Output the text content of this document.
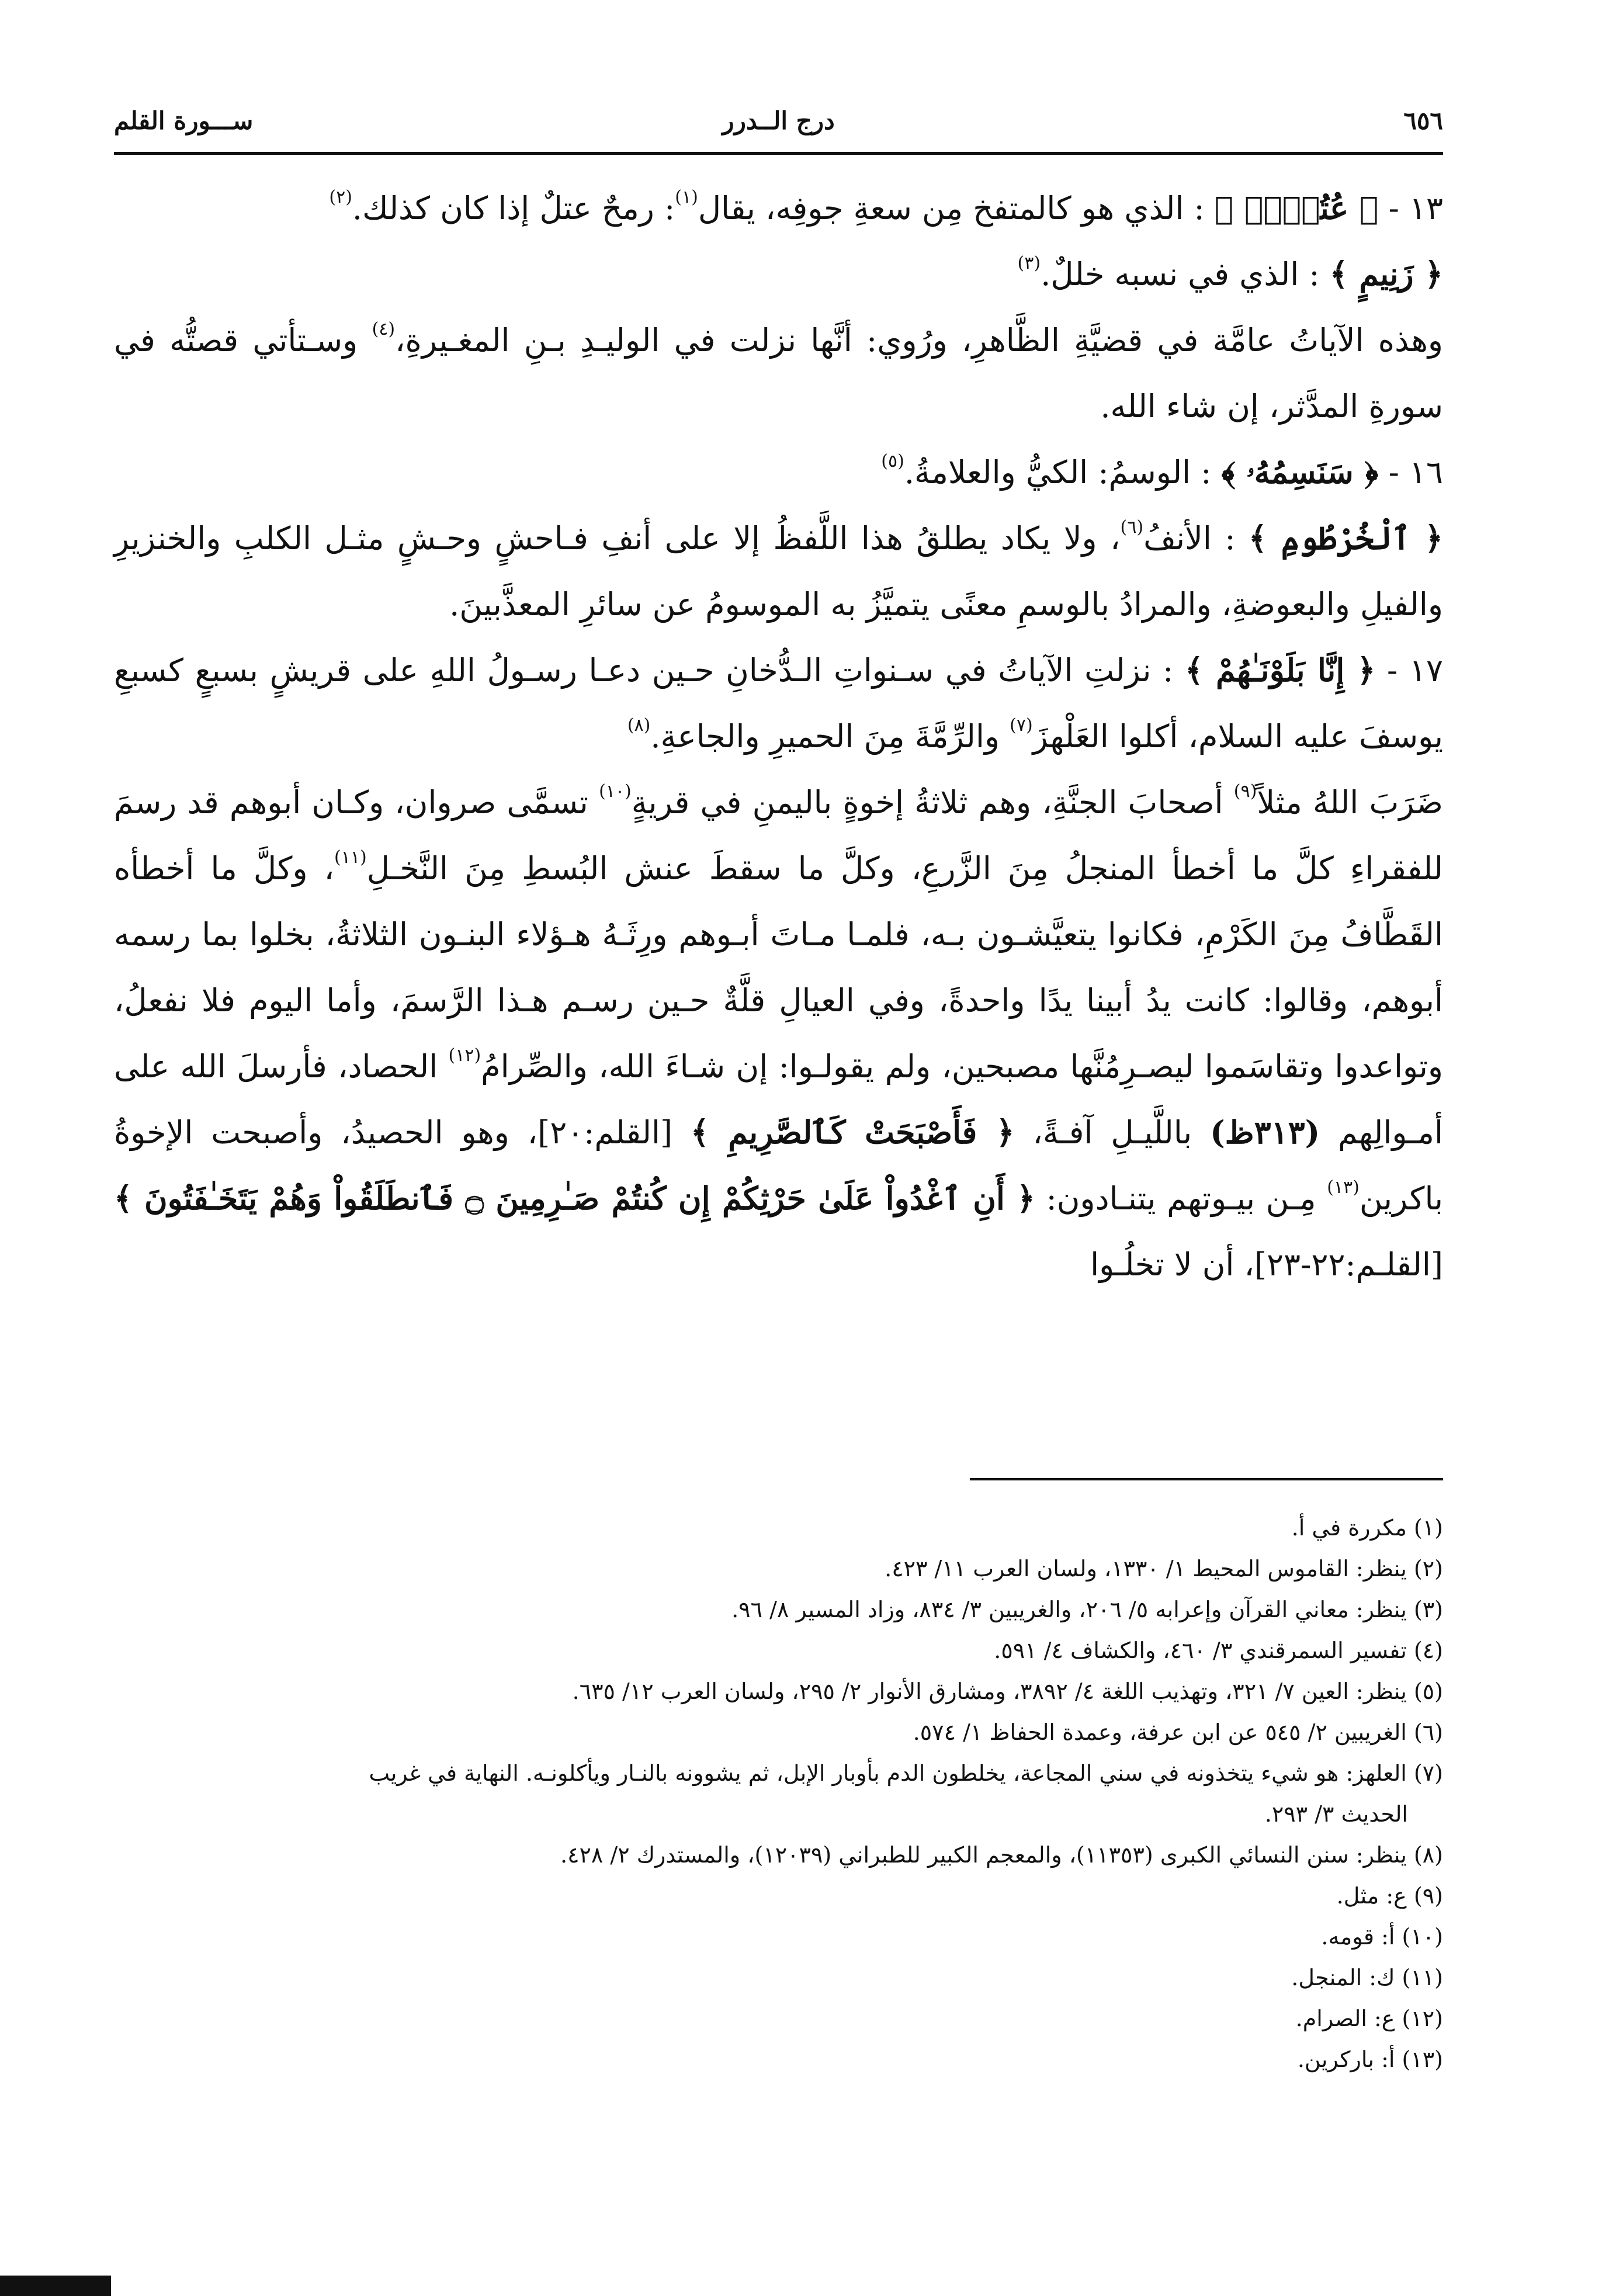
٦٥٦
درج الــدرر
ســـورة القلم

١٣ - ﴿ عُتُلِّۭ ﴾ : الذي هو كالمتفخ مِن سعةِ جوفِه، يقال$^{(١)}$: رمحٌ عتلٌ إذا كان كذلك.$^{(٢)}$

﴿ زَنِيمٍ ﴾ : الذي في نسبه خللٌ.$^{(٣)}$

وهذه الآياتُ عامَّة في قضيَّةِ الظَّاهرِ، ورُوي: أنَّها نزلت في الوليـدِ بـنِ المغـيرةِ،$^{(٤)}$ وسـتأتي قصتُّه في سورةِ المدَّثر، إن شاء الله.

١٦ - ﴿ سَنَسِمُهُۥ ﴾ : الوسمُ: الكيُّ والعلامةُ.$^{(٥)}$

﴿ ٱلْخُرْطُومِ ﴾ : الأنفُ$^{(٦)}$، ولا يكاد يطلقُ هذا اللَّفظُ إلا على أنفِ فـاحشٍ وحـشٍ مثـل الكلبِ والخنزيرِ والفيلِ والبعوضةِ، والمرادُ بالوسمِ معنًى يتميَّزُ به الموسومُ عن سائرِ المعذَّبينَ.

١٧ - ﴿ إِنَّا بَلَوْنَـٰهُمْ ﴾ : نزلتِ الآياتُ في سـنواتِ الـدُّخانِ حـين دعـا رسـولُ اللهِ على قريشٍ بسبعٍ كسبعِ يوسفَ عليه السلام، أكلوا العَلْهزَ$^{(٧)}$ والرِّمَّةَ مِنَ الحميرِ والجاعةِ.$^{(٨)}$

ضَرَبَ اللهُ مثلاً$^{(٩)}$ أصحابَ الجنَّةِ، وهم ثلاثةُ إخوةٍ باليمنِ في قريةٍ$^{(١٠)}$ تسمَّى صروان، وكـان أبوهم قد رسمَ للفقراءِ كلَّ ما أخطأ المنجلُ مِنَ الزَّرعِ، وكلَّ ما سقطَ عنش البُسطِ مِنَ النَّخـلِ$^{(١١)}$، وكلَّ ما أخطأه القَطَّافُ مِنَ الكَرْمِ، فكانوا يتعيَّشـون بـه، فلمـا مـاتَ أبـوهم ورِثَـهُ هـؤلاء البنـون الثلاثةُ، بخلوا بما رسمه أبوهم، وقالوا: كانت يدُ أبينا يدًا واحدةً، وفي العيالِ قلَّةٌ حـين رسـم هـذا الرَّسمَ، وأما اليوم فلا نفعلُ، وتواعدوا وتقاسَموا ليصـرِمُنَّها مصبحين، ولم يقولـوا: إن شـاءَ الله، والصِّرامُ$^{(١٢)}$ الحصاد، فأرسلَ الله على أمـوالِهم (٣١٣ظ) باللَّيـلِ آفـةً، ﴿ فَأَصْبَحَتْ كَٱلصَّرِيمِ ﴾ [القلم:٢٠]، وهو الحصيدُ، وأصبحت الإخوةُ باكرين$^{(١٣)}$ مِـن بيـوتهم يتنـادون: ﴿ أَنِ ٱغْدُواْ عَلَىٰ حَرْثِكُمْ إِن كُنتُمْ صَـٰرِمِينَ ۝ فَٱنطَلَقُواْ وَهُمْ يَتَخَـٰفَتُونَ ﴾ [القلـم:٢٢-٢٣]، أن لا تخلُـوا

(١) مكررة في أ.

(٢) ينظر: القاموس المحيط ١/ ١٣٣٠، ولسان العرب ١١/ ٤٢٣.

(٣) ينظر: معاني القرآن وإعرابه ٥/ ٢٠٦، والغريبين ٣/ ٨٣٤، وزاد المسير ٨/ ٩٦.

(٤) تفسير السمرقندي ٣/ ٤٦٠، والكشاف ٤/ ٥٩١.

(٥) ينظر: العين ٧/ ٣٢١، وتهذيب اللغة ٤/ ٣٨٩٢، ومشارق الأنوار ٢/ ٢٩٥، ولسان العرب ١٢/ ٦٣٥.

(٦) الغريبين ٢/ ٥٤٥ عن ابن عرفة، وعمدة الحفاظ ١/ ٥٧٤.

(٧) العلهز: هو شيء يتخذونه في سني المجاعة، يخلطون الدم بأوبار الإبل، ثم يشوونه بالنـار ويأكلونـه. النهاية في غريب

الحديث ٣/ ٢٩٣.

(٨) ينظر: سنن النسائي الكبرى (١١٣٥٣)، والمعجم الكبير للطبراني (١٢٠٣٩)، والمستدرك ٢/ ٤٢٨.

(٩) ع: مثل.

(١٠) أ: قومه.

(١١) ك: المنجل.

(١٢) ع: الصرام.

(١٣) أ: باركرين.
